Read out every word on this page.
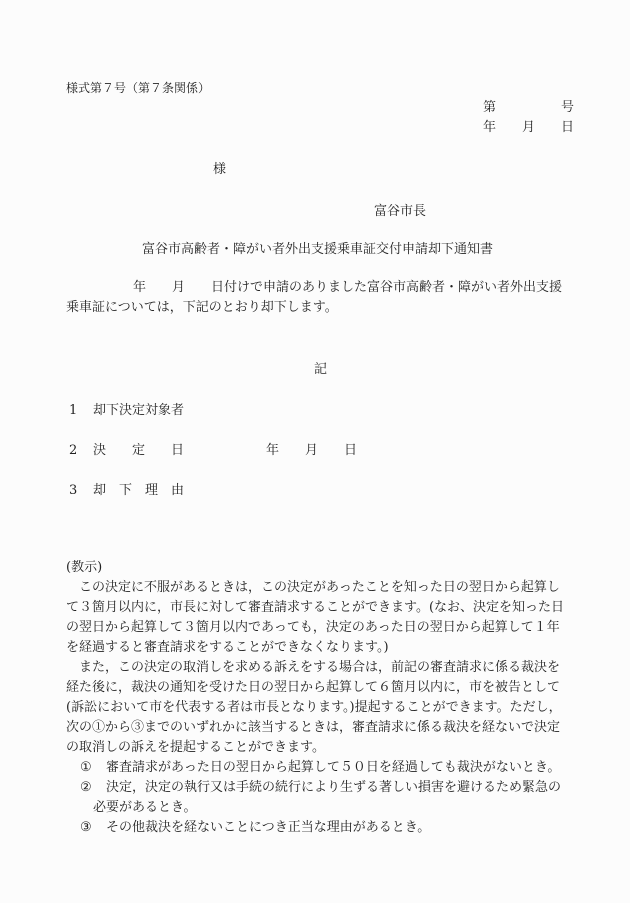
様式第７号（第７条関係）
第　　　　　号
年　　月　　日
様
富谷市長
富谷市高齢者・障がい者外出支援乗車証交付申請却下通知書
年　　月　　日付けで申請のありました富谷市高齢者・障がい者外出支援
乗車証については，下記のとおり却下します。
記
1 却下決定対象者
2 決　　定　　日	年　　月　　日
3 却　下　理　由
(教示)
　この決定に不服があるときは，この決定があったことを知った日の翌日から起算し
て３箇月以内に，市長に対して審査請求することができます。(なお、決定を知った日
の翌日から起算して３箇月以内であっても，決定のあった日の翌日から起算して１年
を経過すると審査請求をすることができなくなります。)
　また，この決定の取消しを求める訴えをする場合は，前記の審査請求に係る裁決を
経た後に，裁決の通知を受けた日の翌日から起算して６箇月以内に，市を被告として
(訴訟において市を代表する者は市長となります。)提起することができます。ただし，
次の①から③までのいずれかに該当するときは，審査請求に係る裁決を経ないで決定
の取消しの訴えを提起することができます。
① 審査請求があった日の翌日から起算して５０日を経過しても裁決がないとき。
② 決定，決定の執行又は手続の続行により生ずる著しい損害を避けるため緊急の
必要があるとき。
③ その他裁決を経ないことにつき正当な理由があるとき。
